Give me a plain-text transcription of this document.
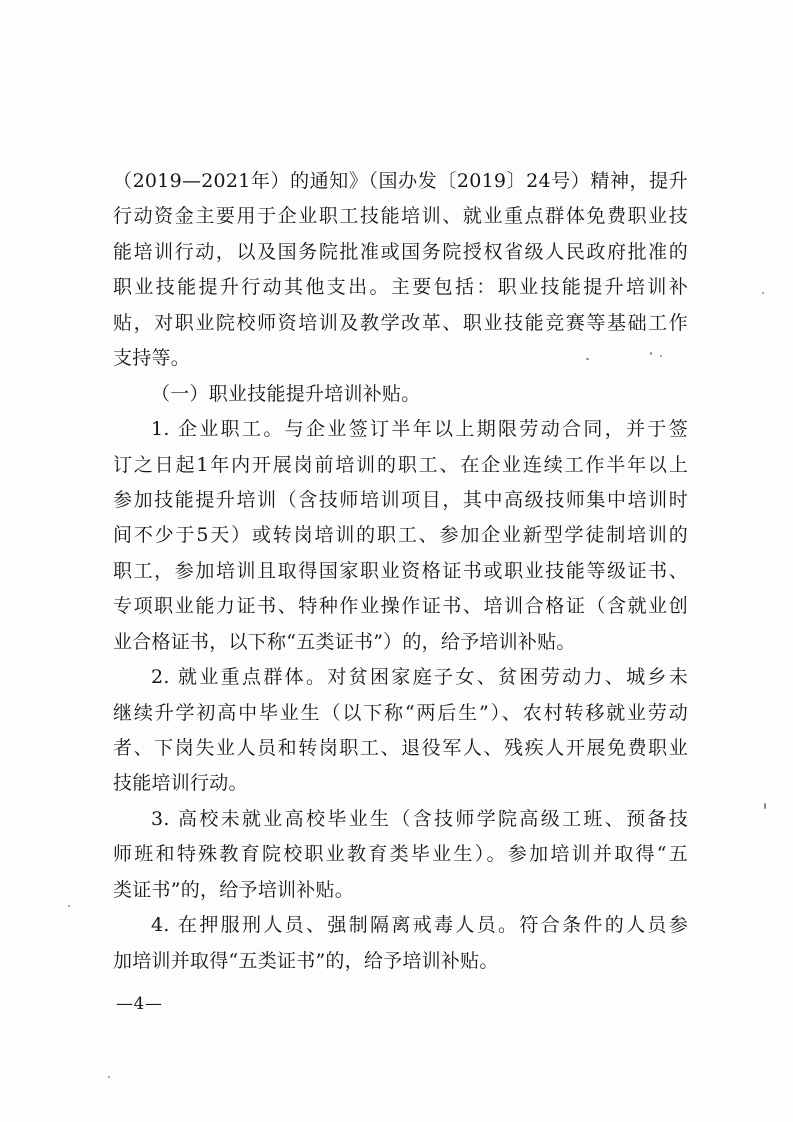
（2019—2021年）的通知》（国办发〔2019〕24号）精神，提升
行动资金主要用于企业职工技能培训、就业重点群体免费职业技
能培训行动，以及国务院批准或国务院授权省级人民政府批准的
职业技能提升行动其他支出。主要包括：职业技能提升培训补
贴，对职业院校师资培训及教学改革、职业技能竞赛等基础工作
支持等。
（一）职业技能提升培训补贴。
1. 企业职工。与企业签订半年以上期限劳动合同，并于签
订之日起1年内开展岗前培训的职工、在企业连续工作半年以上
参加技能提升培训（含技师培训项目，其中高级技师集中培训时
间不少于5天）或转岗培训的职工、参加企业新型学徒制培训的
职工，参加培训且取得国家职业资格证书或职业技能等级证书、
专项职业能力证书、特种作业操作证书、培训合格证（含就业创
业合格证书，以下称“五类证书”）的，给予培训补贴。
2. 就业重点群体。对贫困家庭子女、贫困劳动力、城乡未
继续升学初高中毕业生（以下称“两后生”）、农村转移就业劳动
者、下岗失业人员和转岗职工、退役军人、残疾人开展免费职业
技能培训行动。
3. 高校未就业高校毕业生（含技师学院高级工班、预备技
师班和特殊教育院校职业教育类毕业生）。参加培训并取得“五
类证书”的，给予培训补贴。
4. 在押服刑人员、强制隔离戒毒人员。符合条件的人员参
加培训并取得“五类证书”的，给予培训补贴。
—4—
